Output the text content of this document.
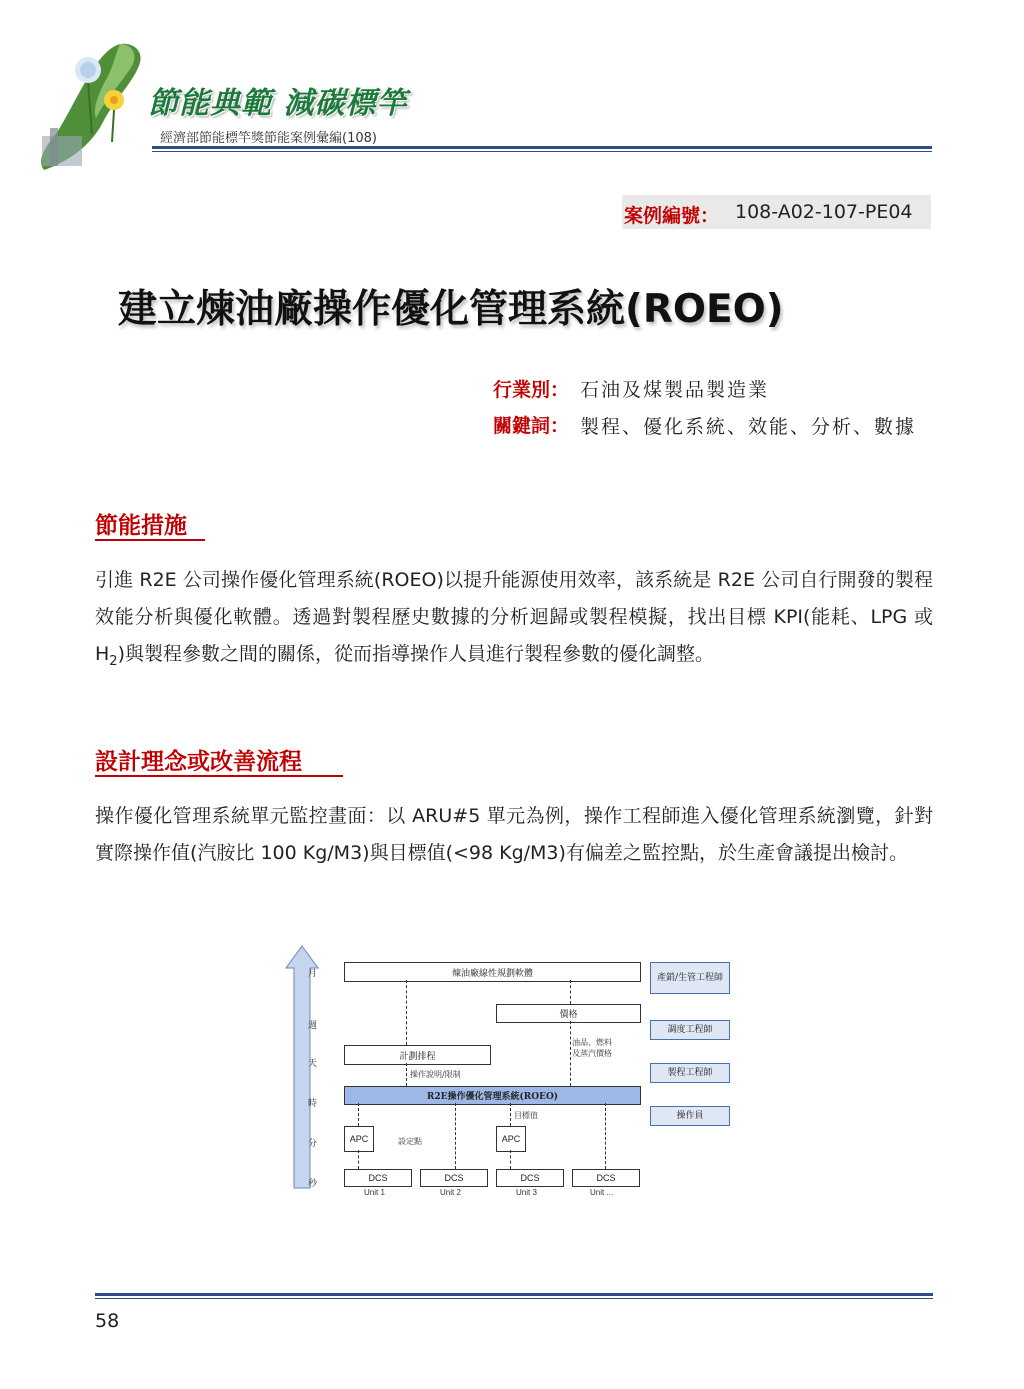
節能典範 減碳標竿
經濟部節能標竿獎節能案例彙編(108)
案例編號： 108-A02-107-PE04
建立煉油廠操作優化管理系統(ROEO)
行業別： 石油及煤製品製造業
關鍵詞： 製程、優化系統、效能、分析、數據
節能措施
引進 R2E 公司操作優化管理系統(ROEO)以提升能源使用效率，該系統是 R2E 公司自行開發的製程效能分析與優化軟體。透過對製程歷史數據的分析迴歸或製程模擬，找出目標 KPI(能耗、LPG 或 $H_2$)與製程參數之間的關係，從而指導操作人員進行製程參數的優化調整。
設計理念或改善流程
操作優化管理系統單元監控畫面：以 ARU#5 單元為例，操作工程師進入優化管理系統瀏覽，針對實際操作值(汽胺比 100 Kg/M3)與目標值(<98 Kg/M3)有偏差之監控點，於生產會議提出檢討。
月
週
天
時
分
秒
煉油廠線性規劃軟體
價格
油品、燃料
及蒸汽價格
計劃排程
操作說明/限制
R2E操作優化管理系統(ROEO)
目標值
設定點
APC	APC
DCS	DCS	DCS	DCS
Unit 1	Unit 2	Unit 3	Unit ...
產銷/生管工程師
調度工程師
製程工程師
操作員
58
